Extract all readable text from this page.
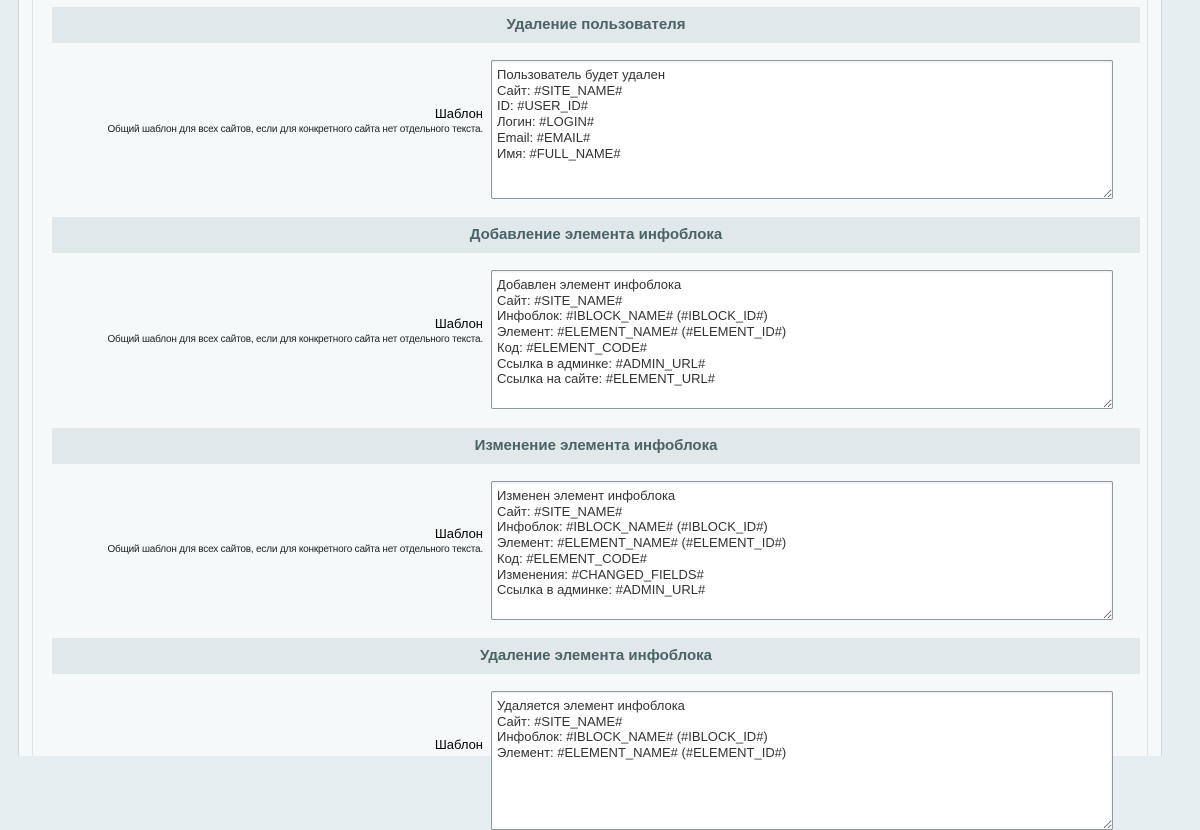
Удаление пользователя
Шаблон
Общий шаблон для всех сайтов, если для конкретного сайта нет отдельного текста.
Пользователь будет удален Сайт: #SITE_NAME# ID: #USER_ID# Логин: #LOGIN# Email: #EMAIL# Имя: #FULL_NAME#
Добавление элемента инфоблока
Шаблон
Общий шаблон для всех сайтов, если для конкретного сайта нет отдельного текста.
Добавлен элемент инфоблока Сайт: #SITE_NAME# Инфоблок: #IBLOCK_NAME# (#IBLOCK_ID#) Элемент: #ELEMENT_NAME# (#ELEMENT_ID#) Код: #ELEMENT_CODE# Ссылка в админке: #ADMIN_URL# Ссылка на сайте: #ELEMENT_URL#
Изменение элемента инфоблока
Шаблон
Общий шаблон для всех сайтов, если для конкретного сайта нет отдельного текста.
Изменен элемент инфоблока Сайт: #SITE_NAME# Инфоблок: #IBLOCK_NAME# (#IBLOCK_ID#) Элемент: #ELEMENT_NAME# (#ELEMENT_ID#) Код: #ELEMENT_CODE# Изменения: #CHANGED_FIELDS# Ссылка в админке: #ADMIN_URL#
Удаление элемента инфоблока
Шаблон
Удаляется элемент инфоблока Сайт: #SITE_NAME# Инфоблок: #IBLOCK_NAME# (#IBLOCK_ID#) Элемент: #ELEMENT_NAME# (#ELEMENT_ID#)
